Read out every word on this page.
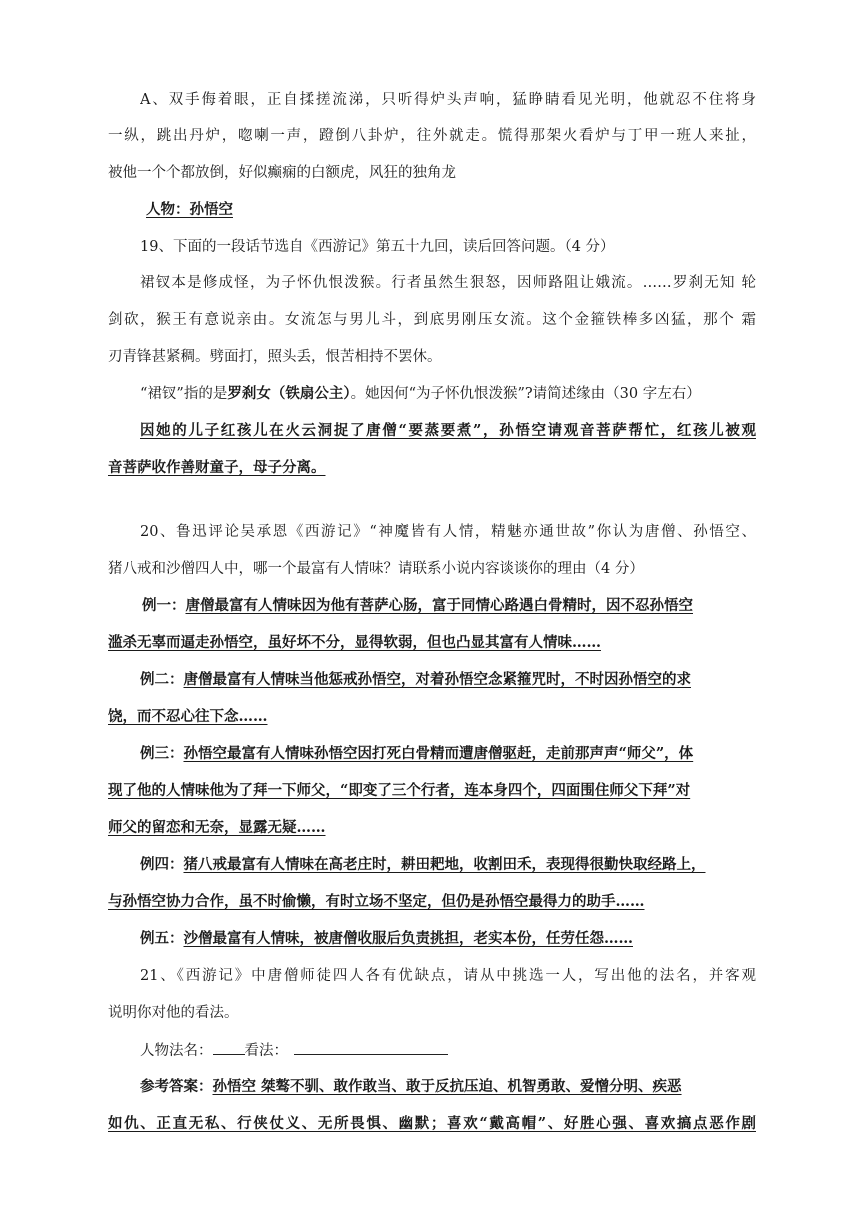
A、双手侮着眼，正自揉搓流涕，只听得炉头声响，猛睁睛看见光明，他就忍不住将身
一纵，跳出丹炉，唿喇一声，蹬倒八卦炉，往外就走。慌得那架火看炉与丁甲一班人来扯，
被他一个个都放倒，好似癫痫的白额虎，风狂的独角龙
人物：孙悟空
19、下面的一段话节选自《西游记》第五十九回，读后回答问题。（4 分）
裙钗本是修成怪，为子怀仇恨泼猴。行者虽然生狠怒，因师路阻让娥流。……罗刹无知 轮
剑砍，猴王有意说亲由。女流怎与男儿斗，到底男刚压女流。这个金箍铁棒多凶猛，那个 霜
刃青锋甚紧稠。劈面打，照头丢，恨苦相持不罢休。
“裙钗”指的是罗刹女（铁扇公主）。她因何“为子怀仇恨泼猴”?请简述缘由（30 字左右）
因她的儿子红孩儿在火云洞捉了唐僧“要蒸要煮”，孙悟空请观音菩萨帮忙，红孩儿被观
音菩萨收作善财童子，母子分离。
20、鲁迅评论吴承恩《西游记》“神魔皆有人情，精魅亦通世故”你认为唐僧、孙悟空、
猪八戒和沙僧四人中，哪一个最富有人情味？请联系小说内容谈谈你的理由（4 分）
例一：唐僧最富有人情味因为他有菩萨心肠，富于同情心路遇白骨精时，因不忍孙悟空
滥杀无辜而逼走孙悟空，虽好坏不分，显得软弱，但也凸显其富有人情味……
例二：唐僧最富有人情味当他惩戒孙悟空，对着孙悟空念紧箍咒时，不时因孙悟空的求
饶，而不忍心往下念……
例三：孙悟空最富有人情味孙悟空因打死白骨精而遭唐僧驱赶，走前那声声“师父”，体
现了他的人情味他为了拜一下师父，“即变了三个行者，连本身四个，四面围住师父下拜”对
师父的留恋和无奈，显露无疑……
例四：猪八戒最富有人情味在高老庄时，耕田耙地，收割田禾，表现得很勤快取经路上，
与孙悟空协力合作，虽不时偷懒，有时立场不坚定，但仍是孙悟空最得力的助手……
例五：沙僧最富有人情味，被唐僧收服后负责挑担，老实本份，任劳任怨……
21、《西游记》中唐僧师徒四人各有优缺点，请从中挑选一人，写出他的法名，并客观
说明你对他的看法。
人物法名： 看法：
参考答案：孙悟空 桀骜不驯、敢作敢当、敢于反抗压迫、机智勇敢、爱憎分明、疾恶
如仇、正直无私、行侠仗义、无所畏惧、幽默；喜欢“戴高帽”、好胜心强、喜欢搞点恶作剧
